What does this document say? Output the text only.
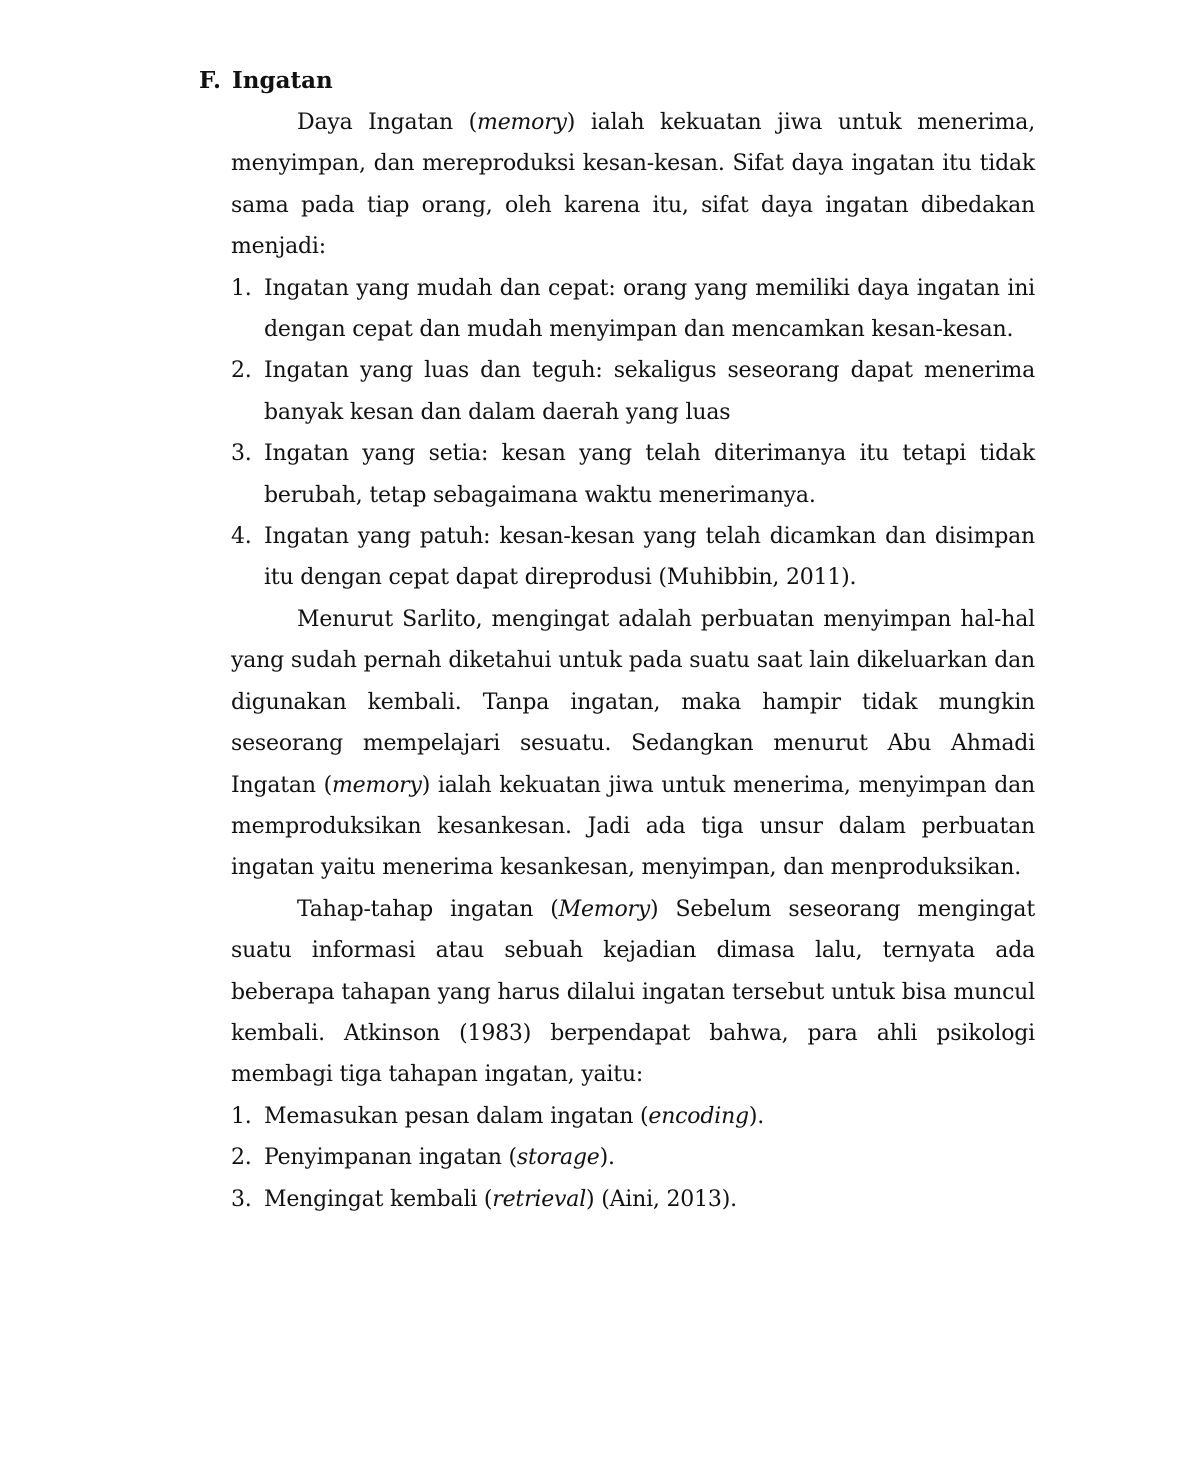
F. Ingatan

Daya Ingatan (memory) ialah kekuatan jiwa untuk menerima, menyimpan, dan mereproduksi kesan-kesan. Sifat daya ingatan itu tidak sama pada tiap orang, oleh karena itu, sifat daya ingatan dibedakan menjadi:

1. Ingatan yang mudah dan cepat: orang yang memiliki daya ingatan ini dengan cepat dan mudah menyimpan dan mencamkan kesan-kesan.
2. Ingatan yang luas dan teguh: sekaligus seseorang dapat menerima banyak kesan dan dalam daerah yang luas
3. Ingatan yang setia: kesan yang telah diterimanya itu tetapi tidak berubah, tetap sebagaimana waktu menerimanya.
4. Ingatan yang patuh: kesan-kesan yang telah dicamkan dan disimpan itu dengan cepat dapat direprodusi (Muhibbin, 2011).

Menurut Sarlito, mengingat adalah perbuatan menyimpan hal-hal yang sudah pernah diketahui untuk pada suatu saat lain dikeluarkan dan digunakan kembali. Tanpa ingatan, maka hampir tidak mungkin seseorang mempelajari sesuatu. Sedangkan menurut Abu Ahmadi Ingatan (memory) ialah kekuatan jiwa untuk menerima, menyimpan dan memproduksikan kesankesan. Jadi ada tiga unsur dalam perbuatan ingatan yaitu menerima kesankesan, menyimpan, dan menproduksikan.

Tahap-tahap ingatan (Memory) Sebelum seseorang mengingat suatu informasi atau sebuah kejadian dimasa lalu, ternyata ada beberapa tahapan yang harus dilalui ingatan tersebut untuk bisa muncul kembali. Atkinson (1983) berpendapat bahwa, para ahli psikologi membagi tiga tahapan ingatan, yaitu:

1. Memasukan pesan dalam ingatan (encoding).
2. Penyimpanan ingatan (storage).
3. Mengingat kembali (retrieval) (Aini, 2013).
